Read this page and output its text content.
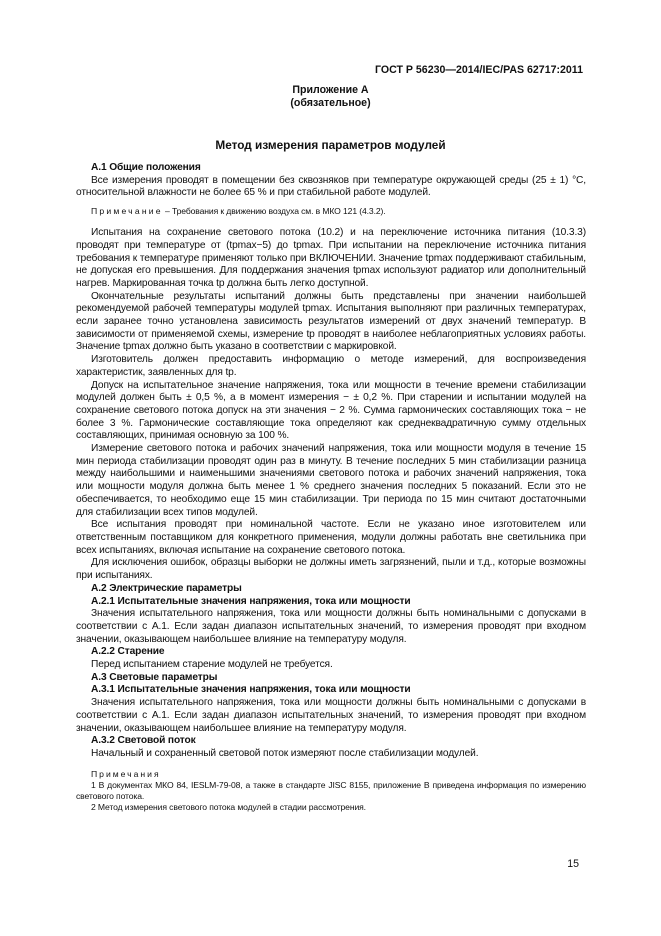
ГОСТ Р 56230—2014/IEC/PAS 62717:2011
Приложение А
(обязательное)
Метод измерения параметров модулей

А.1 Общие положения

Все измерения проводят в помещении без сквозняков при температуре окружающей среды (25 ± 1) °С, относительной влажности не более 65 % и при стабильной работе модулей.

Примечание – Требования к движению воздуха см. в МКО 121 (4.3.2).

Испытания на сохранение светового потока (10.2) и на переключение источника питания (10.3.3) проводят при температуре от (tpmax−5) до tpmax. При испытании на переключение источника питания требования к температуре применяют только при ВКЛЮЧЕНИИ. Значение tpmax поддерживают стабильным, не допуская его превышения. Для поддержания значения tpmax используют радиатор или дополнительный нагрев. Маркированная точка tp должна быть легко доступной.

Окончательные результаты испытаний должны быть представлены при значении наибольшей рекомендуемой рабочей температуры модулей tpmax. Испытания выполняют при различных температурах, если заранее точно установлена зависимость результатов измерений от двух значений температур. В зависимости от применяемой схемы, измерение tp проводят в наиболее неблагоприятных условиях работы. Значение tpmax должно быть указано в соответствии с маркировкой.

Изготовитель должен предоставить информацию о методе измерений, для воспроизведения характеристик, заявленных для tp.

Допуск на испытательное значение напряжения, тока или мощности в течение времени стабилизации модулей должен быть ± 0,5 %, а в момент измерения − ± 0,2 %. При старении и испытании модулей на сохранение светового потока допуск на эти значения − 2 %. Сумма гармонических составляющих тока − не более 3 %. Гармонические составляющие тока определяют как среднеквадратичную сумму отдельных составляющих, принимая основную за 100 %.

Измерение светового потока и рабочих значений напряжения, тока или мощности модуля в течение 15 мин периода стабилизации проводят один раз в минуту. В течение последних 5 мин стабилизации разница между наибольшими и наименьшими значениями светового потока и рабочих значений напряжения, тока или мощности модуля должна быть менее 1 % среднего значения последних 5 показаний. Если это не обеспечивается, то необходимо еще 15 мин стабилизации. Три периода по 15 мин считают достаточными для стабилизации всех типов модулей.

Все испытания проводят при номинальной частоте. Если не указано иное изготовителем или ответственным поставщиком для конкретного применения, модули должны работать вне светильника при всех испытаниях, включая испытание на сохранение светового потока.

Для исключения ошибок, образцы выборки не должны иметь загрязнений, пыли и т.д., которые возможны при испытаниях.

А.2 Электрические параметры

А.2.1 Испытательные значения напряжения, тока или мощности

Значения испытательного напряжения, тока или мощности должны быть номинальными с допусками в соответствии с А.1. Если задан диапазон испытательных значений, то измерения проводят при входном значении, оказывающем наибольшее влияние на температуру модуля.

А.2.2 Старение

Перед испытанием старение модулей не требуется.

А.3 Световые параметры

А.3.1 Испытательные значения напряжения, тока или мощности

Значения испытательного напряжения, тока или мощности должны быть номинальными с допусками в соответствии с А.1. Если задан диапазон испытательных значений, то измерения проводят при входном значении, оказывающем наибольшее влияние на температуру модуля.

А.3.2 Световой поток

Начальный и сохраненный световой поток измеряют после стабилизации модулей.

Примечания

1 В документах МКО 84, IESLM-79-08, а также в стандарте JISC 8155, приложение В приведена информация по измерению светового потока.

2 Метод измерения светового потока модулей в стадии рассмотрения.

15
